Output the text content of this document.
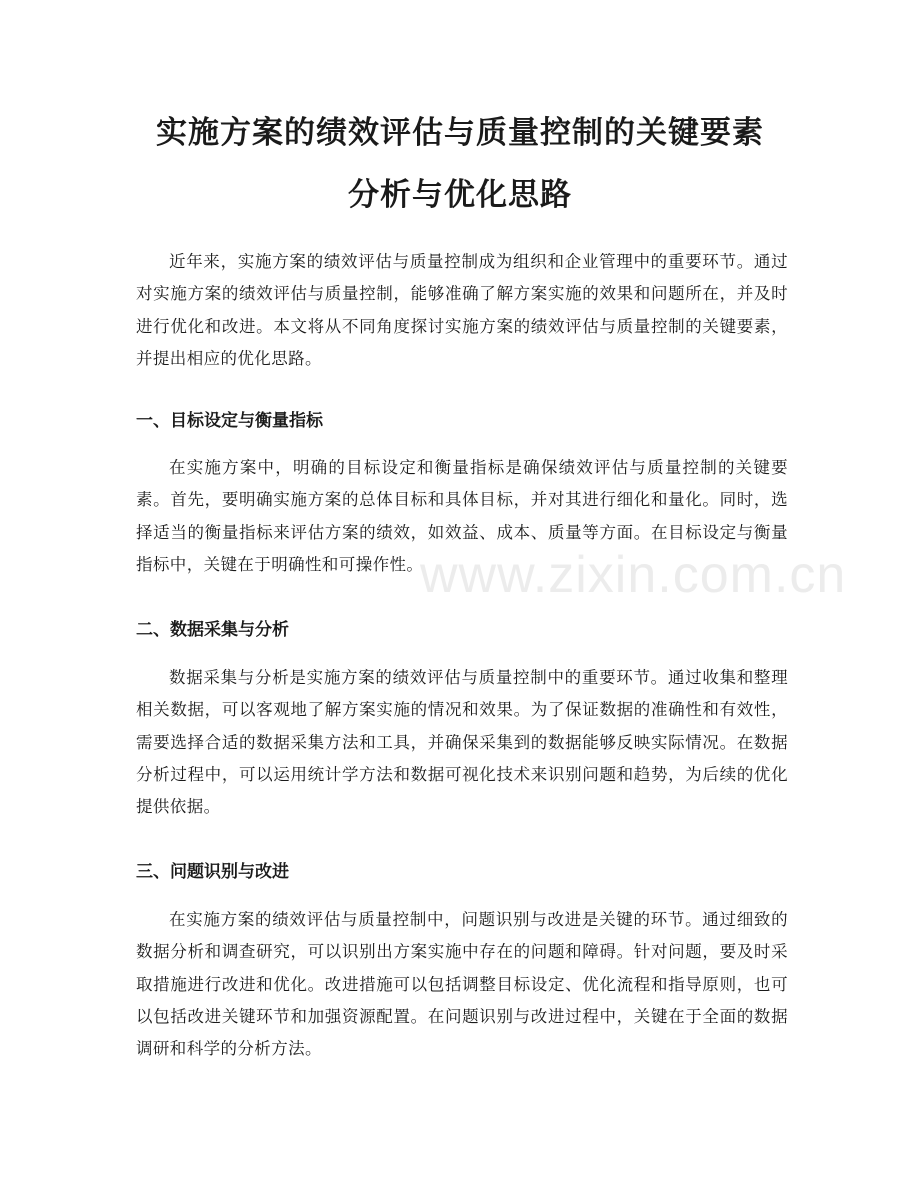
实施方案的绩效评估与质量控制的关键要素
分析与优化思路

近年来，实施方案的绩效评估与质量控制成为组织和企业管理中的重要环节。通过对实施方案的绩效评估与质量控制，能够准确了解方案实施的效果和问题所在，并及时进行优化和改进。本文将从不同角度探讨实施方案的绩效评估与质量控制的关键要素，并提出相应的优化思路。

一、目标设定与衡量指标

在实施方案中，明确的目标设定和衡量指标是确保绩效评估与质量控制的关键要素。首先，要明确实施方案的总体目标和具体目标，并对其进行细化和量化。同时，选择适当的衡量指标来评估方案的绩效，如效益、成本、质量等方面。在目标设定与衡量指标中，关键在于明确性和可操作性。

二、数据采集与分析

数据采集与分析是实施方案的绩效评估与质量控制中的重要环节。通过收集和整理相关数据，可以客观地了解方案实施的情况和效果。为了保证数据的准确性和有效性，需要选择合适的数据采集方法和工具，并确保采集到的数据能够反映实际情况。在数据分析过程中，可以运用统计学方法和数据可视化技术来识别问题和趋势，为后续的优化提供依据。

三、问题识别与改进

在实施方案的绩效评估与质量控制中，问题识别与改进是关键的环节。通过细致的数据分析和调查研究，可以识别出方案实施中存在的问题和障碍。针对问题，要及时采取措施进行改进和优化。改进措施可以包括调整目标设定、优化流程和指导原则，也可以包括改进关键环节和加强资源配置。在问题识别与改进过程中，关键在于全面的数据调研和科学的分析方法。

www.zixin.com.cn
